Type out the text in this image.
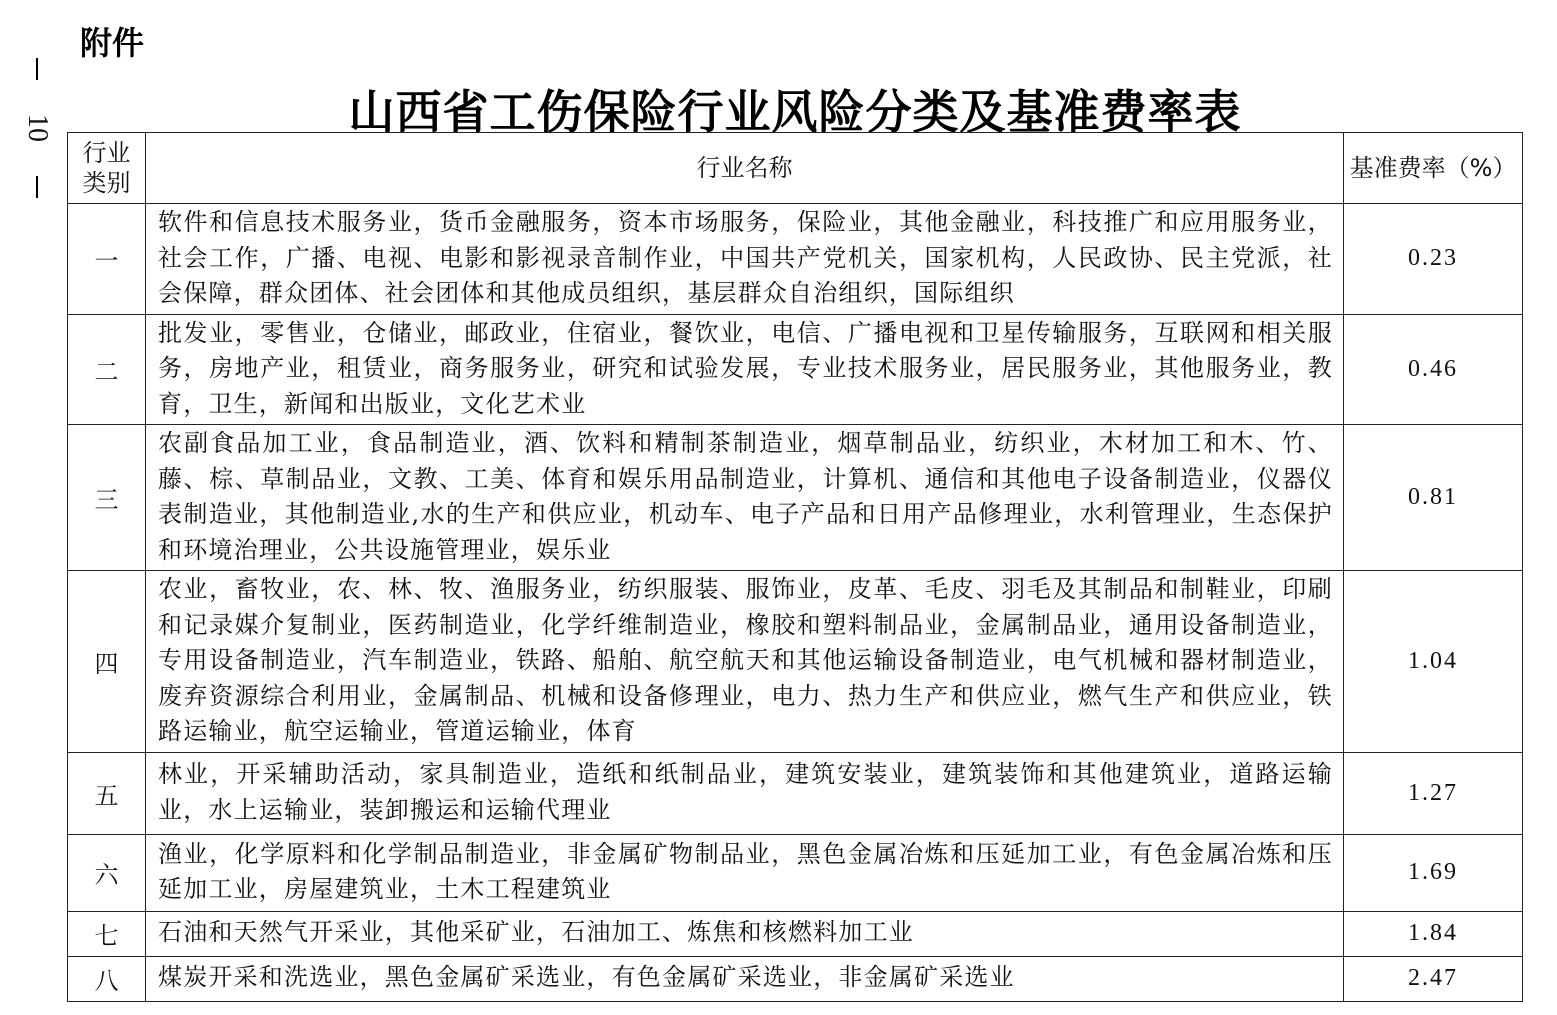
附件
10	山西省工伤保险行业风险分类及基准费率表
行业类别	行业名称	基准费率（%）
一	软件和信息技术服务业，货币金融服务，资本市场服务，保险业，其他金融业，科技推广和应用服务业，社会工作，广播、电视、电影和影视录音制作业，中国共产党机关，国家机构，人民政协、民主党派，社会保障，群众团体、社会团体和其他成员组织，基层群众自治组织，国际组织	0.23
二	批发业，零售业，仓储业，邮政业，住宿业，餐饮业，电信、广播电视和卫星传输服务，互联网和相关服务，房地产业，租赁业，商务服务业，研究和试验发展，专业技术服务业，居民服务业，其他服务业，教育，卫生，新闻和出版业，文化艺术业	0.46
三	农副食品加工业，食品制造业，酒、饮料和精制茶制造业，烟草制品业，纺织业，木材加工和木、竹、藤、棕、草制品业，文教、工美、体育和娱乐用品制造业，计算机、通信和其他电子设备制造业，仪器仪表制造业，其他制造业,水的生产和供应业，机动车、电子产品和日用产品修理业，水利管理业，生态保护和环境治理业，公共设施管理业，娱乐业	0.81
四	农业，畜牧业，农、林、牧、渔服务业，纺织服装、服饰业，皮革、毛皮、羽毛及其制品和制鞋业，印刷和记录媒介复制业，医药制造业，化学纤维制造业，橡胶和塑料制品业，金属制品业，通用设备制造业，专用设备制造业，汽车制造业，铁路、船舶、航空航天和其他运输设备制造业，电气机械和器材制造业，废弃资源综合利用业，金属制品、机械和设备修理业，电力、热力生产和供应业，燃气生产和供应业，铁路运输业，航空运输业，管道运输业，体育	1.04
五	林业，开采辅助活动，家具制造业，造纸和纸制品业，建筑安装业，建筑装饰和其他建筑业，道路运输业，水上运输业，装卸搬运和运输代理业	1.27
六	渔业，化学原料和化学制品制造业，非金属矿物制品业，黑色金属冶炼和压延加工业，有色金属冶炼和压延加工业，房屋建筑业，土木工程建筑业	1.69
七	石油和天然气开采业，其他采矿业，石油加工、炼焦和核燃料加工业	1.84
八	煤炭开采和洗选业，黑色金属矿采选业，有色金属矿采选业，非金属矿采选业	2.47
